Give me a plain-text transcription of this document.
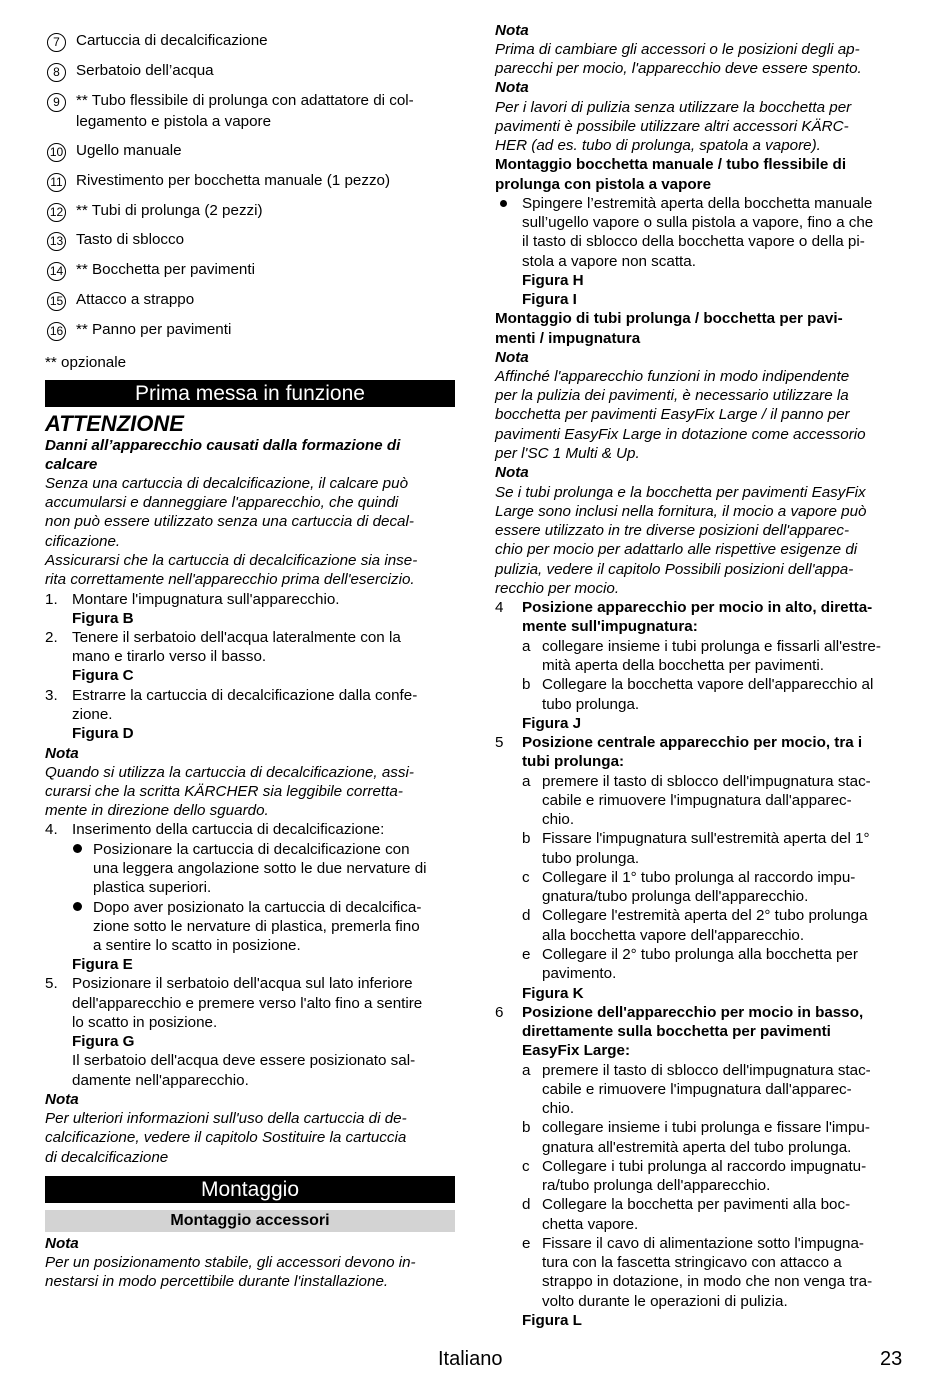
7	Cartuccia di decalcificazione
8	Serbatoio dell’acqua
9	** Tubo flessibile di prolunga con adattatore di col-
legamento e pistola a vapore
10 Ugello manuale
11 Rivestimento per bocchetta manuale (1 pezzo)
12 ** Tubi di prolunga (2 pezzi)
13 Tasto di sblocco
14 ** Bocchetta per pavimenti
15 Attacco a strappo
16 ** Panno per pavimenti
** opzionale
Prima messa in funzione
ATTENZIONE
Danni all’apparecchio causati dalla formazione di
calcare
Senza una cartuccia di decalcificazione, il calcare può
accumularsi e danneggiare l'apparecchio, che quindi
non può essere utilizzato senza una cartuccia di decal-
cificazione.
Assicurarsi che la cartuccia di decalcificazione sia inse-
rita correttamente nell'apparecchio prima dell'esercizio.
1. Montare l'impugnatura sull'apparecchio.
Figura B
2. Tenere il serbatoio dell'acqua lateralmente con la
mano e tirarlo verso il basso.
Figura C
3. Estrarre la cartuccia di decalcificazione dalla confe-
zione.
Figura D
Nota
Quando si utilizza la cartuccia di decalcificazione, assi-
curarsi che la scritta KÄRCHER sia leggibile corretta-
mente in direzione dello sguardo.
4. Inserimento della cartuccia di decalcificazione:
Posizionare la cartuccia di decalcificazione con
una leggera angolazione sotto le due nervature di
plastica superiori.
Dopo aver posizionato la cartuccia di decalcifica-
zione sotto le nervature di plastica, premerla fino
a sentire lo scatto in posizione.
Figura E
5. Posizionare il serbatoio dell'acqua sul lato inferiore
dell'apparecchio e premere verso l'alto fino a sentire
lo scatto in posizione.
Figura G
Il serbatoio dell'acqua deve essere posizionato sal-
damente nell'apparecchio.
Nota
Per ulteriori informazioni sull'uso della cartuccia di de-
calcificazione, vedere il capitolo Sostituire la cartuccia
di decalcificazione
Montaggio
Montaggio accessori
Nota
Per un posizionamento stabile, gli accessori devono in-
nestarsi in modo percettibile durante l'installazione.
Nota
Prima di cambiare gli accessori o le posizioni degli ap-
parecchi per mocio, l'apparecchio deve essere spento.
Nota
Per i lavori di pulizia senza utilizzare la bocchetta per
pavimenti è possibile utilizzare altri accessori KÄRC-
HER (ad es. tubo di prolunga, spatola a vapore).
Montaggio bocchetta manuale / tubo flessibile di
prolunga con pistola a vapore
Spingere l’estremità aperta della bocchetta manuale
sull’ugello vapore o sulla pistola a vapore, fino a che
il tasto di sblocco della bocchetta vapore o della pi-
stola a vapore non scatta.
Figura H
Figura I
Montaggio di tubi prolunga / bocchetta per pavi-
menti / impugnatura
Nota
Affinché l'apparecchio funzioni in modo indipendente
per la pulizia dei pavimenti, è necessario utilizzare la
bocchetta per pavimenti EasyFix Large / il panno per
pavimenti EasyFix Large in dotazione come accessorio
per l'SC 1 Multi & Up.
Nota
Se i tubi prolunga e la bocchetta per pavimenti EasyFix
Large sono inclusi nella fornitura, il mocio a vapore può
essere utilizzato in tre diverse posizioni dell'apparec-
chio per mocio per adattarlo alle rispettive esigenze di
pulizia, vedere il capitolo Possibili posizioni dell'appa-
recchio per mocio.
4 Posizione apparecchio per mocio in alto, diretta-
mente sull'impugnatura:
a collegare insieme i tubi prolunga e fissarli all'estre-
mità aperta della bocchetta per pavimenti.
b Collegare la bocchetta vapore dell'apparecchio al
tubo prolunga.
Figura J
5 Posizione centrale apparecchio per mocio, tra i
tubi prolunga:
a premere il tasto di sblocco dell'impugnatura stac-
cabile e rimuovere l'impugnatura dall'apparec-
chio.
b Fissare l'impugnatura sull'estremità aperta del 1°
tubo prolunga.
c Collegare il 1° tubo prolunga al raccordo impu-
gnatura/tubo prolunga dell'apparecchio.
d Collegare l'estremità aperta del 2° tubo prolunga
alla bocchetta vapore dell'apparecchio.
e Collegare il 2° tubo prolunga alla bocchetta per
pavimento.
Figura K
6 Posizione dell'apparecchio per mocio in basso,
direttamente sulla bocchetta per pavimenti
EasyFix Large:
a premere il tasto di sblocco dell'impugnatura stac-
cabile e rimuovere l'impugnatura dall'apparec-
chio.
b collegare insieme i tubi prolunga e fissare l'impu-
gnatura all'estremità aperta del tubo prolunga.
c Collegare i tubi prolunga al raccordo impugnatu-
ra/tubo prolunga dell'apparecchio.
d Collegare la bocchetta per pavimenti alla boc-
chetta vapore.
e Fissare il cavo di alimentazione sotto l'impugna-
tura con la fascetta stringicavo con attacco a
strappo in dotazione, in modo che non venga tra-
volto durante le operazioni di pulizia.
Figura L
Italiano	23
